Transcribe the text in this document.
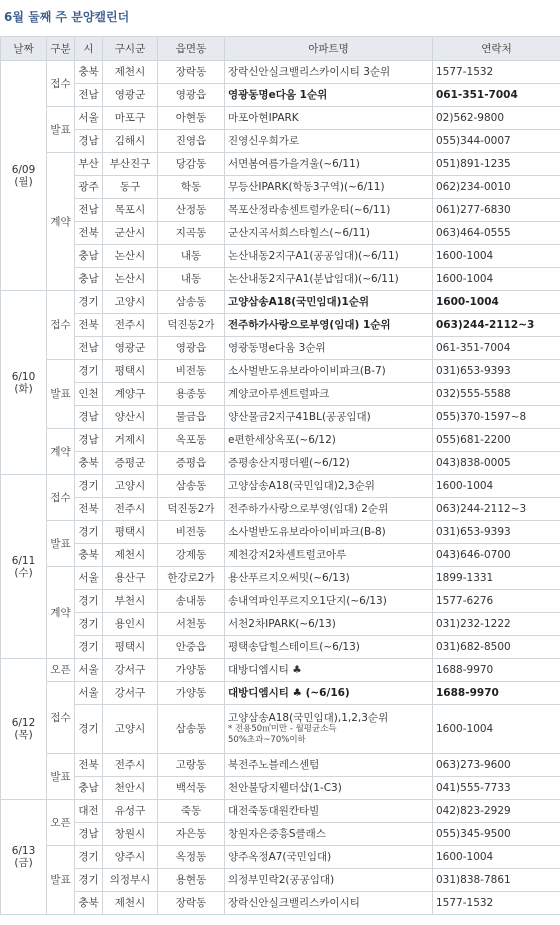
6월 둘째 주 분양캘린더
날짜	구분	시	구시군	읍면동	아파트명	연락처
6/09
(월)	접수	충북	제천시	장락동	장락신안실크밸리스카이시티 3순위	1577-1532
		전남	영광군	영광읍	영광동명e다움 1순위	061-351-7004
	발표	서울	마포구	아현동	마포아현IPARK	02)562-9800
		경남	김해시	진영읍	진영신우희가로	055)344-0007
	계약	부산	부산진구	당감동	서면봄여름가을겨울(~6/11)	051)891-1235
		광주	동구	학동	무등산IPARK(학동3구역)(~6/11)	062)234-0010
		전남	목포시	산정동	목포산정라송센트럴카운티(~6/11)	061)277-6830
		전북	군산시	지곡동	군산지곡서희스타힐스(~6/11)	063)464-0555
		충남	논산시	내동	논산내동2지구A1(공공임대)(~6/11)	1600-1004
		충남	논산시	내동	논산내동2지구A1(분납임대)(~6/11)	1600-1004
6/10
(화)	접수	경기	고양시	삼송동	고양삼송A18(국민임대)1순위	1600-1004
		전북	전주시	덕진동2가	전주하가사랑으로부영(임대) 1순위	063)244-2112~3
		전남	영광군	영광읍	영광동명e다움 3순위	061-351-7004
	발표	경기	평택시	비전동	소사벌반도유보라아이비파크(B-7)	031)653-9393
		인천	계양구	용종동	계양코아루센트럴파크	032)555-5588
		경남	양산시	물금읍	양산물금2지구41BL(공공임대)	055)370-1597~8
	계약	경남	거제시	옥포동	e편한세상옥포(~6/12)	055)681-2200
		충북	증평군	증평읍	증평송산지평더웰(~6/12)	043)838-0005
6/11
(수)	접수	경기	고양시	삼송동	고양삼송A18(국민임대)2,3순위	1600-1004
		전북	전주시	덕진동2가	전주하가사랑으로부영(임대) 2순위	063)244-2112~3
	발표	경기	평택시	비전동	소사벌반도유보라아이비파크(B-8)	031)653-9393
		충북	제천시	강제동	제천강저2차센트럴코아루	043)646-0700
	계약	서울	용산구	한강로2가	용산푸르지오써밋(~6/13)	1899-1331
		경기	부천시	송내동	송내역파인푸르지오1단지(~6/13)	1577-6276
		경기	용인시	서천동	서천2차IPARK(~6/13)	031)232-1222
		경기	평택시	안중읍	평택송담힐스테이트(~6/13)	031)682-8500
6/12
(목)	오픈	서울	강서구	가양동	대방디엠시티 ♣	1688-9970
	접수	서울	강서구	가양동	대방디엠시티 ♣ (~6/16)	1688-9970
		경기	고양시	삼송동	고양삼송A18(국민임대),1,2,3순위
* 전용50㎡미만 - 월평균소득
50%초과~70%이하	1600-1004
	발표	전북	전주시	고랑동	북전주노블레스센텀	063)273-9600
		충남	천안시	백석동	천안불당지웰더샵(1-C3)	041)555-7733
6/13
(금)	오픈	대전	유성구	죽동	대전죽동대원칸타빌	042)823-2929
		경남	창원시	자은동	창원자은중흥S클래스	055)345-9500
	발표	경기	양주시	옥정동	양주옥정A7(국민임대)	1600-1004
		경기	의정부시	용현동	의정부민락2(공공임대)	031)838-7861
		충북	제천시	장락동	장락신안실크밸리스카이시티	1577-1532
